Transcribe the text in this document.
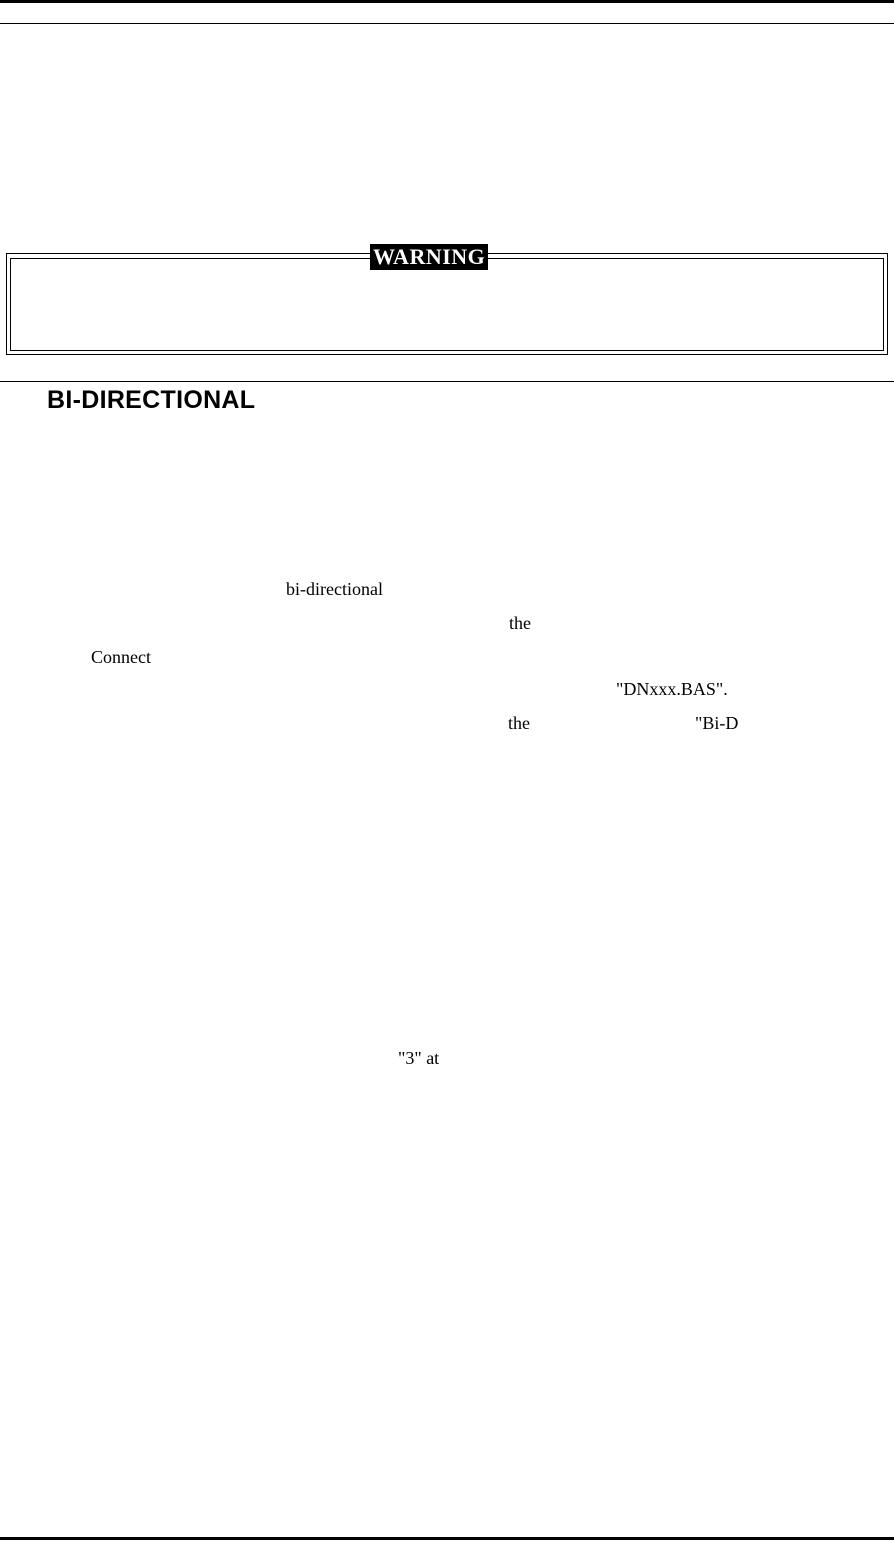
WARNING
BI-DIRECTIONAL
bi-directional
the
Connect
"DNxxx.BAS".
the	"Bi-D
"3" at
